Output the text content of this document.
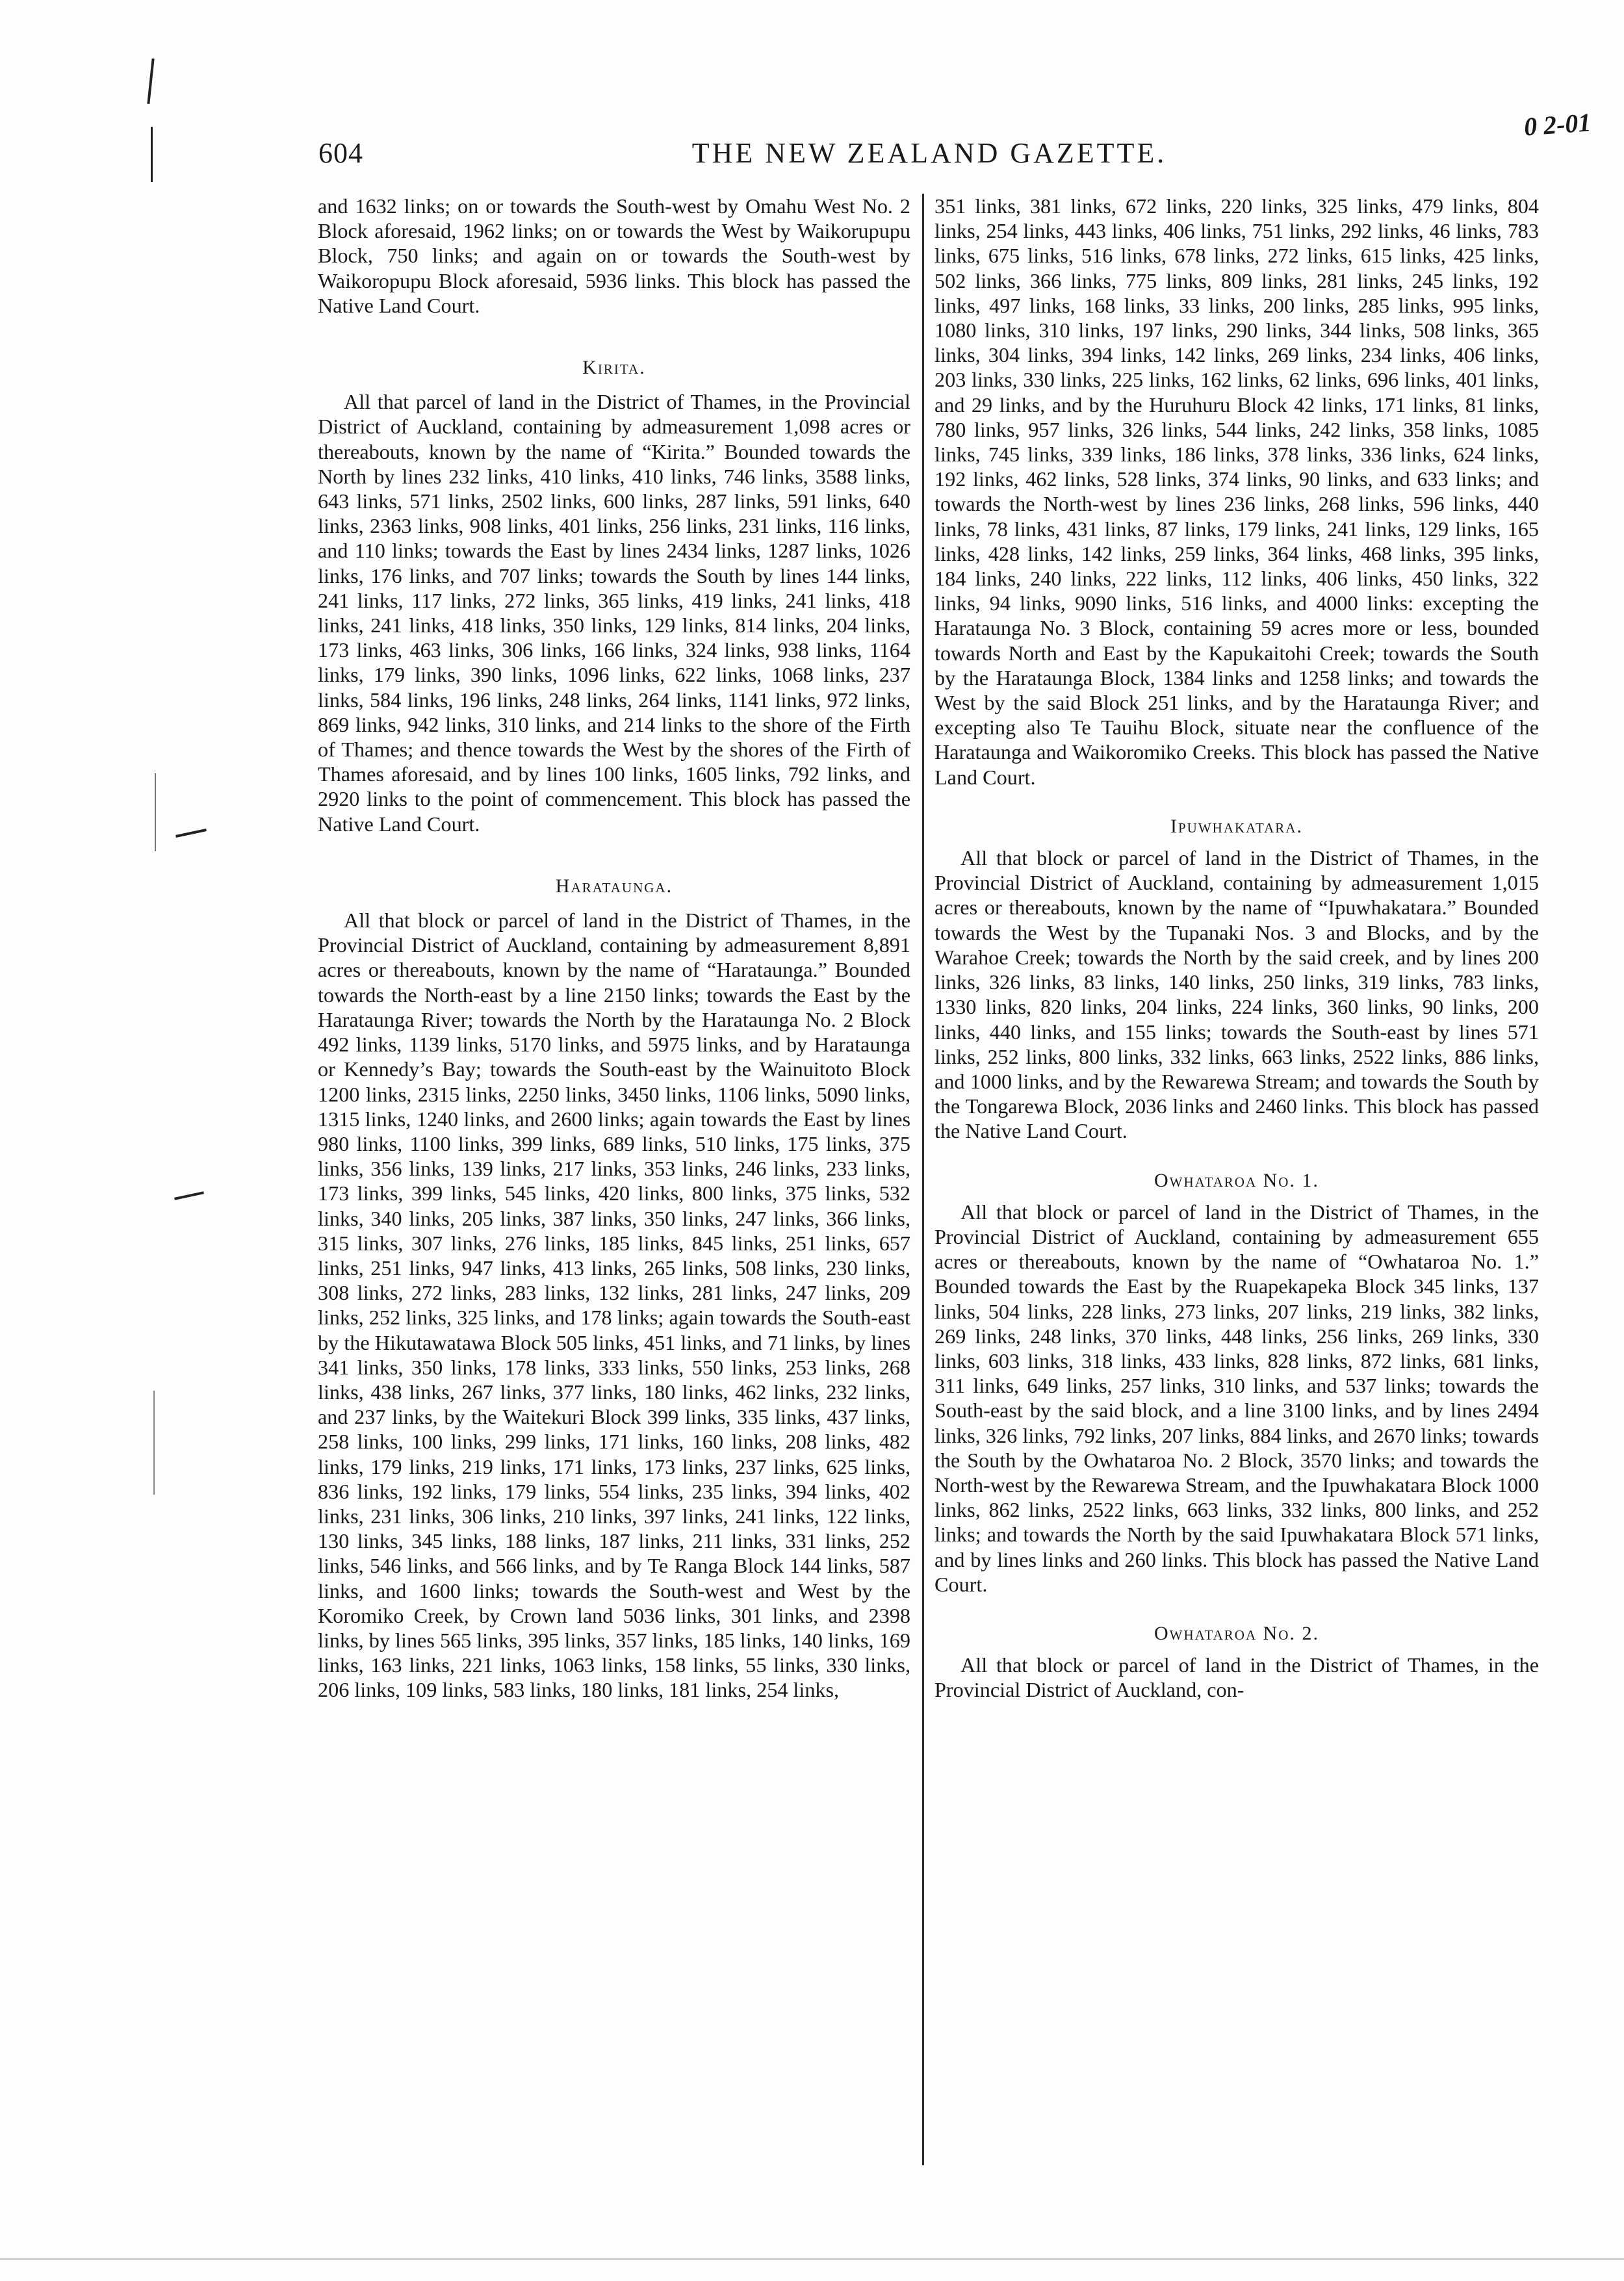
0 2-01
604	THE NEW ZEALAND GAZETTE.

and 1632 links; on or towards the South-west by Omahu West No. 2 Block aforesaid, 1962 links; on or towards the West by Waikorupupu Block, 750 links; and again on or towards the South-west by Waikoropupu Block aforesaid, 5936 links. This block has passed the Native Land Court.

Kirita.

All that parcel of land in the District of Thames, in the Provincial District of Auckland, containing by admeasurement 1,098 acres or thereabouts, known by the name of “Kirita.” Bounded towards the North by lines 232 links, 410 links, 410 links, 746 links, 3588 links, 643 links, 571 links, 2502 links, 600 links, 287 links, 591 links, 640 links, 2363 links, 908 links, 401 links, 256 links, 231 links, 116 links, and 110 links; towards the East by lines 2434 links, 1287 links, 1026 links, 176 links, and 707 links; towards the South by lines 144 links, 241 links, 117 links, 272 links, 365 links, 419 links, 241 links, 418 links, 241 links, 418 links, 350 links, 129 links, 814 links, 204 links, 173 links, 463 links, 306 links, 166 links, 324 links, 938 links, 1164 links, 179 links, 390 links, 1096 links, 622 links, 1068 links, 237 links, 584 links, 196 links, 248 links, 264 links, 1141 links, 972 links, 869 links, 942 links, 310 links, and 214 links to the shore of the Firth of Thames; and thence towards the West by the shores of the Firth of Thames aforesaid, and by lines 100 links, 1605 links, 792 links, and 2920 links to the point of commencement. This block has passed the Native Land Court.

Harataunga.

All that block or parcel of land in the District of Thames, in the Provincial District of Auckland, containing by admeasurement 8,891 acres or thereabouts, known by the name of “Harataunga.” Bounded towards the North-east by a line 2150 links; towards the East by the Harataunga River; towards the North by the Harataunga No. 2 Block 492 links, 1139 links, 5170 links, and 5975 links, and by Harataunga or Kennedy’s Bay; towards the South-east by the Wainuitoto Block 1200 links, 2315 links, 2250 links, 3450 links, 1106 links, 5090 links, 1315 links, 1240 links, and 2600 links; again towards the East by lines 980 links, 1100 links, 399 links, 689 links, 510 links, 175 links, 375 links, 356 links, 139 links, 217 links, 353 links, 246 links, 233 links, 173 links, 399 links, 545 links, 420 links, 800 links, 375 links, 532 links, 340 links, 205 links, 387 links, 350 links, 247 links, 366 links, 315 links, 307 links, 276 links, 185 links, 845 links, 251 links, 657 links, 251 links, 947 links, 413 links, 265 links, 508 links, 230 links, 308 links, 272 links, 283 links, 132 links, 281 links, 247 links, 209 links, 252 links, 325 links, and 178 links; again towards the South-east by the Hikutawatawa Block 505 links, 451 links, and 71 links, by lines 341 links, 350 links, 178 links, 333 links, 550 links, 253 links, 268 links, 438 links, 267 links, 377 links, 180 links, 462 links, 232 links, and 237 links, by the Waitekuri Block 399 links, 335 links, 437 links, 258 links, 100 links, 299 links, 171 links, 160 links, 208 links, 482 links, 179 links, 219 links, 171 links, 173 links, 237 links, 625 links, 836 links, 192 links, 179 links, 554 links, 235 links, 394 links, 402 links, 231 links, 306 links, 210 links, 397 links, 241 links, 122 links, 130 links, 345 links, 188 links, 187 links, 211 links, 331 links, 252 links, 546 links, and 566 links, and by Te Ranga Block 144 links, 587 links, and 1600 links; towards the South-west and West by the Koromiko Creek, by Crown land 5036 links, 301 links, and 2398 links, by lines 565 links, 395 links, 357 links, 185 links, 140 links, 169 links, 163 links, 221 links, 1063 links, 158 links, 55 links, 330 links, 206 links, 109 links, 583 links, 180 links, 181 links, 254 links,

351 links, 381 links, 672 links, 220 links, 325 links, 479 links, 804 links, 254 links, 443 links, 406 links, 751 links, 292 links, 46 links, 783 links, 675 links, 516 links, 678 links, 272 links, 615 links, 425 links, 502 links, 366 links, 775 links, 809 links, 281 links, 245 links, 192 links, 497 links, 168 links, 33 links, 200 links, 285 links, 995 links, 1080 links, 310 links, 197 links, 290 links, 344 links, 508 links, 365 links, 304 links, 394 links, 142 links, 269 links, 234 links, 406 links, 203 links, 330 links, 225 links, 162 links, 62 links, 696 links, 401 links, and 29 links, and by the Huruhuru Block 42 links, 171 links, 81 links, 780 links, 957 links, 326 links, 544 links, 242 links, 358 links, 1085 links, 745 links, 339 links, 186 links, 378 links, 336 links, 624 links, 192 links, 462 links, 528 links, 374 links, 90 links, and 633 links; and towards the North-west by lines 236 links, 268 links, 596 links, 440 links, 78 links, 431 links, 87 links, 179 links, 241 links, 129 links, 165 links, 428 links, 142 links, 259 links, 364 links, 468 links, 395 links, 184 links, 240 links, 222 links, 112 links, 406 links, 450 links, 322 links, 94 links, 9090 links, 516 links, and 4000 links: excepting the Harataunga No. 3 Block, containing 59 acres more or less, bounded towards North and East by the Kapukaitohi Creek; towards the South by the Harataunga Block, 1384 links and 1258 links; and towards the West by the said Block 251 links, and by the Harataunga River; and excepting also Te Tauihu Block, situate near the confluence of the Harataunga and Waikoromiko Creeks. This block has passed the Native Land Court.

Ipuwhakatara.

All that block or parcel of land in the District of Thames, in the Provincial District of Auckland, containing by admeasurement 1,015 acres or thereabouts, known by the name of “Ipuwhakatara.” Bounded towards the West by the Tupanaki Nos. 3 and Blocks, and by the Warahoe Creek; towards the North by the said creek, and by lines 200 links, 326 links, 83 links, 140 links, 250 links, 319 links, 783 links, 1330 links, 820 links, 204 links, 224 links, 360 links, 90 links, 200 links, 440 links, and 155 links; towards the South-east by lines 571 links, 252 links, 800 links, 332 links, 663 links, 2522 links, 886 links, and 1000 links, and by the Rewarewa Stream; and towards the South by the Tongarewa Block, 2036 links and 2460 links. This block has passed the Native Land Court.

Owhataroa No. 1.

All that block or parcel of land in the District of Thames, in the Provincial District of Auckland, containing by admeasurement 655 acres or thereabouts, known by the name of “Owhataroa No. 1.” Bounded towards the East by the Ruapekapeka Block 345 links, 137 links, 504 links, 228 links, 273 links, 207 links, 219 links, 382 links, 269 links, 248 links, 370 links, 448 links, 256 links, 269 links, 330 links, 603 links, 318 links, 433 links, 828 links, 872 links, 681 links, 311 links, 649 links, 257 links, 310 links, and 537 links; towards the South-east by the said block, and a line 3100 links, and by lines 2494 links, 326 links, 792 links, 207 links, 884 links, and 2670 links; towards the South by the Owhataroa No. 2 Block, 3570 links; and towards the North-west by the Rewarewa Stream, and the Ipuwhakatara Block 1000 links, 862 links, 2522 links, 663 links, 332 links, 800 links, and 252 links; and towards the North by the said Ipuwhakatara Block 571 links, and by lines links and 260 links. This block has passed the Native Land Court.

Owhataroa No. 2.

All that block or parcel of land in the District of Thames, in the Provincial District of Auckland, con-
